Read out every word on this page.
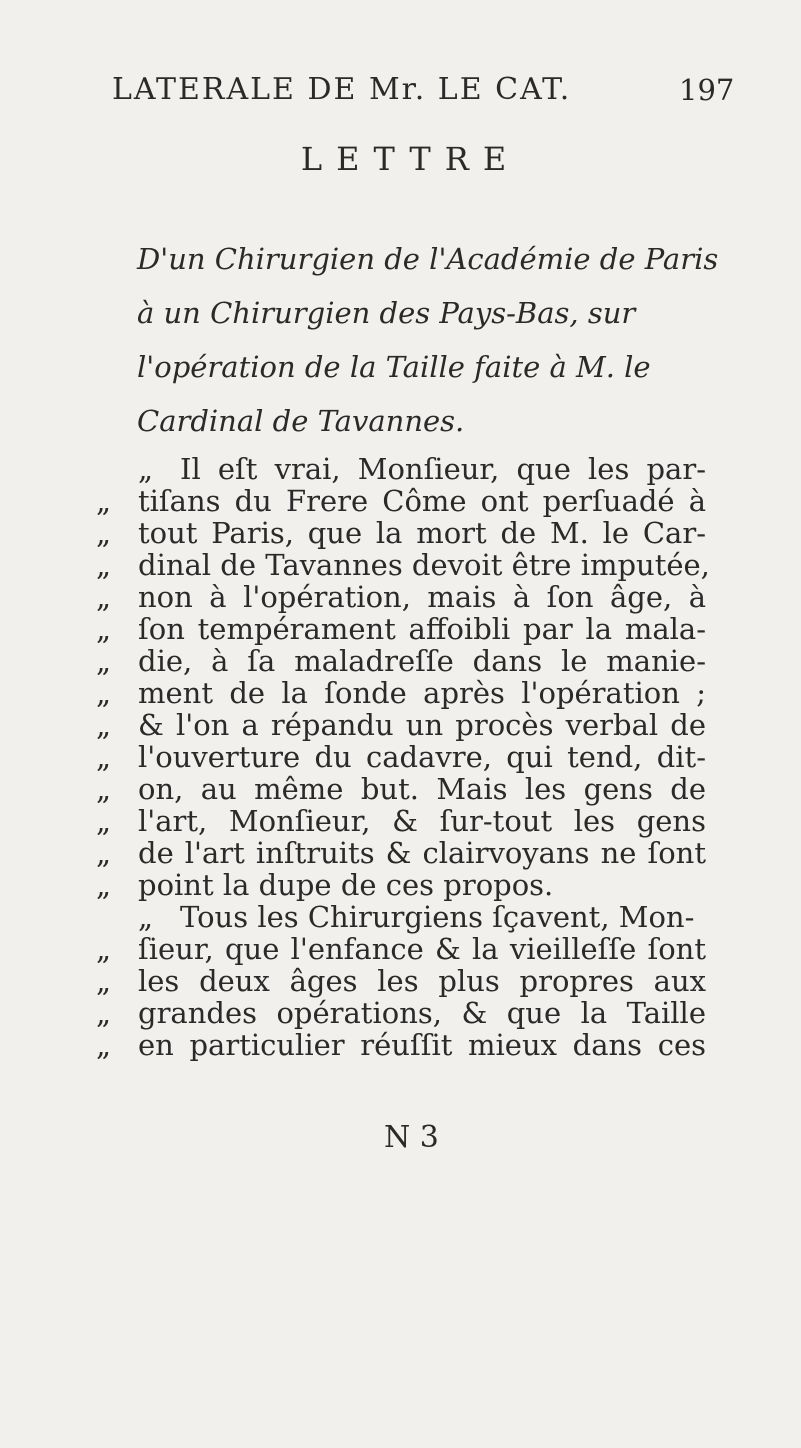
LATERALE DE Mr. LE CAT.	197
LETTRE
D'un Chirurgien de l'Académie de Paris
à un Chirurgien des Pays-Bas, sur
l'opération de la Taille faite à M. le
Cardinal de Tavannes.
„ Il eſt vrai, Monſieur, que les par-
„ tiſans du Frere Côme ont perſuadé à
„ tout Paris, que la mort de M. le Car-
„ dinal de Tavannes devoit être imputée,
„ non à l'opération, mais à ſon âge, à
„ ſon tempérament affoibli par la mala-
„ die, à ſa maladreſſe dans le manie-
„ ment de la ſonde après l'opération ;
„ & l'on a répandu un procès verbal de
„ l'ouverture du cadavre, qui tend, dit-
„ on, au même but. Mais les gens de
„ l'art, Monſieur, & ſur-tout les gens
„ de l'art inſtruits & clairvoyans ne ſont
„ point la dupe de ces propos.
„ Tous les Chirurgiens ſçavent, Mon-
„ ſieur, que l'enfance & la vieilleſſe ſont
„ les deux âges les plus propres aux
„ grandes opérations, & que la Taille
„ en particulier réuſſit mieux dans ces
N 3
